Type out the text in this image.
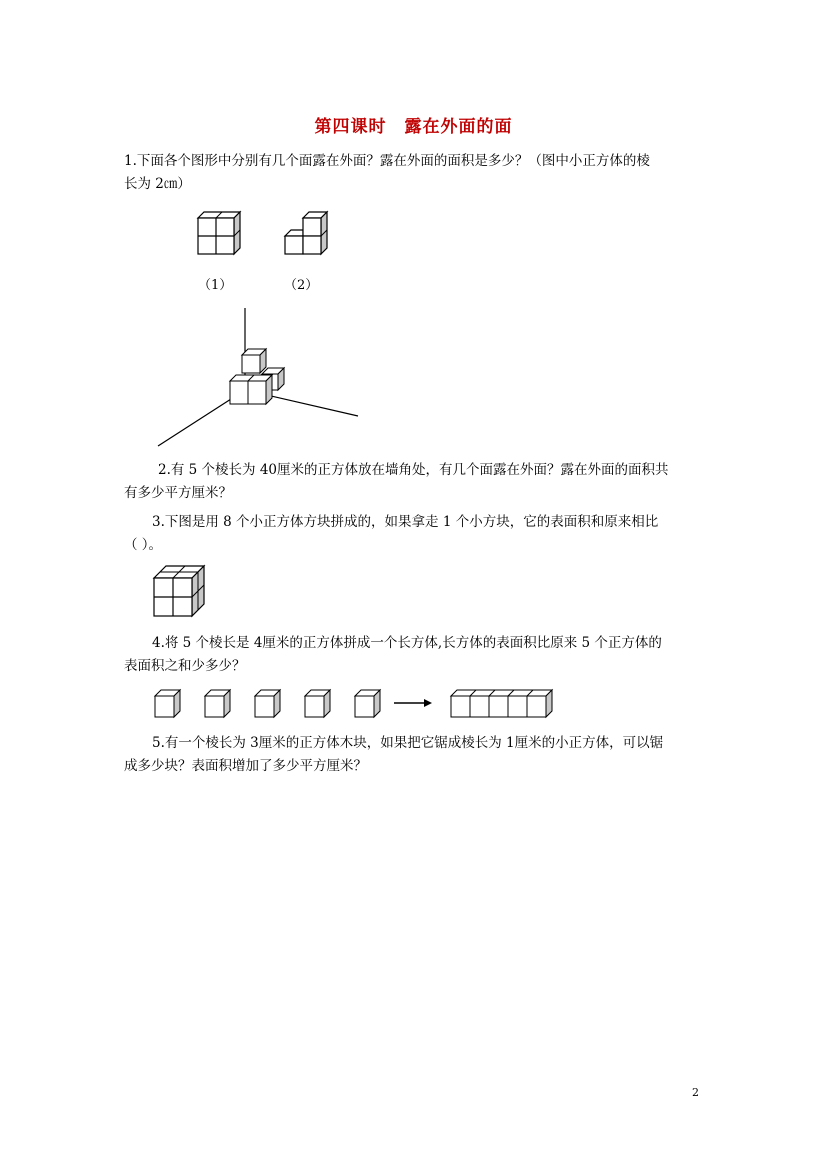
第四课时　露在外面的面

1.下面各个图形中分别有几个面露在外面？露在外面的面积是多少？（图中小正方体的棱
长为 2㎝）

（1）	（2）

2.有 5 个棱长为 40厘米的正方体放在墙角处，有几个面露在外面？露在外面的面积共
有多少平方厘米？

3.下图是用 8 个小正方体方块拼成的，如果拿走 1 个小方块，它的表面积和原来相比
（ ）。

4.将 5 个棱长是 4厘米的正方体拼成一个长方体,长方体的表面积比原来 5 个正方体的
表面积之和少多少？

5.有一个棱长为 3厘米的正方体木块，如果把它锯成棱长为 1厘米的小正方体，可以锯
成多少块？表面积增加了多少平方厘米？

2
